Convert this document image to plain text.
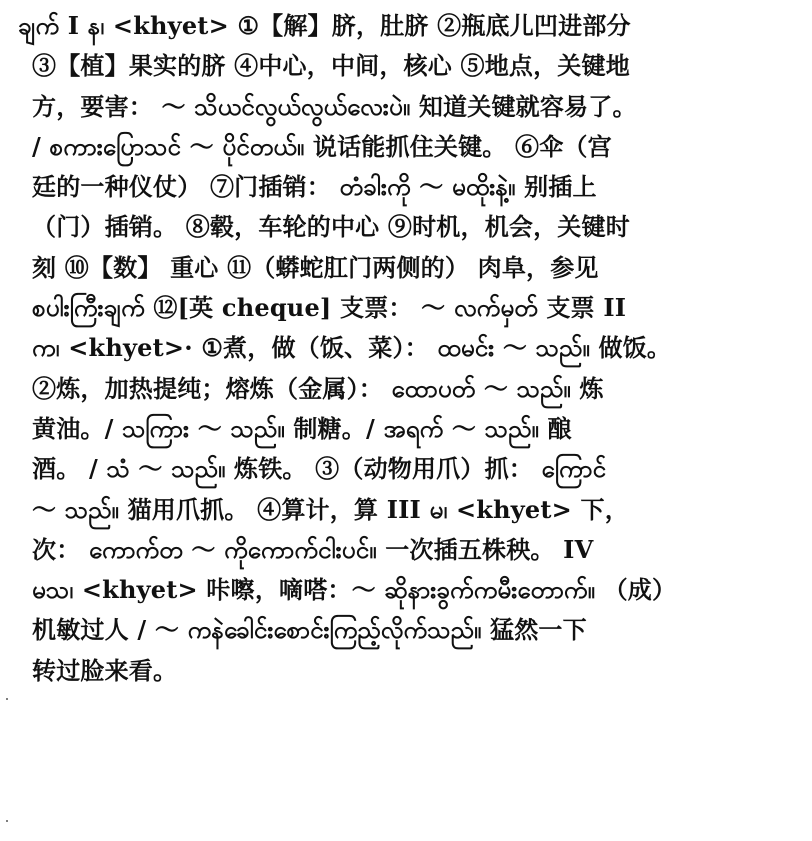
ချက် I န၊ <khyet> ①【解】脐，肚脐 ②瓶底儿凹进部分
③【植】果实的脐 ④中心，中间，核心 ⑤地点，关键地
方，要害： ～ သိယင်လွယ်လွယ်လေးပဲ။ 知道关键就容易了。
/ စကားပြောသင် ～ ပိုင်တယ်။ 说话能抓住关键。 ⑥伞（宫
廷的一种仪仗） ⑦门插销： တံခါးကို ～ မထိုးနဲ့။ 别插上
（门）插销。 ⑧毂，车轮的中心 ⑨时机，机会，关键时
刻 ⑩【数】 重心 ⑪（蟒蛇肛门两侧的） 肉阜，参见
စပါးကြီးချက် ⑫[英 cheque] 支票： ～ လက်မှတ် 支票 II
က၊ <khyet>· ①煮，做（饭、菜）： ထမင်း ～ သည်။ 做饭。
②炼，加热提纯；熔炼（金属）： ထောပတ် ～ သည်။ 炼
黄油。/ သကြား ～ သည်။ 制糖。/ အရက် ～ သည်။ 酿
酒。 / သံ ～ သည်။ 炼铁。 ③（动物用爪）抓： ကြောင်
～ သည်။ 猫用爪抓。 ④算计，算 III မ၊ <khyet> 下，
次： ကောက်တ ～ ကိုကောက်ငါးပင်။ 一次插五株秧。 IV
မသ၊ <khyet> 咔嚓，嘀嗒：～ ဆိုနားခွက်ကမီးတောက်။ （成）
机敏过人 / ～ ကနဲခေါင်းစောင်းကြည့်လိုက်သည်။ 猛然一下
转过脸来看。
